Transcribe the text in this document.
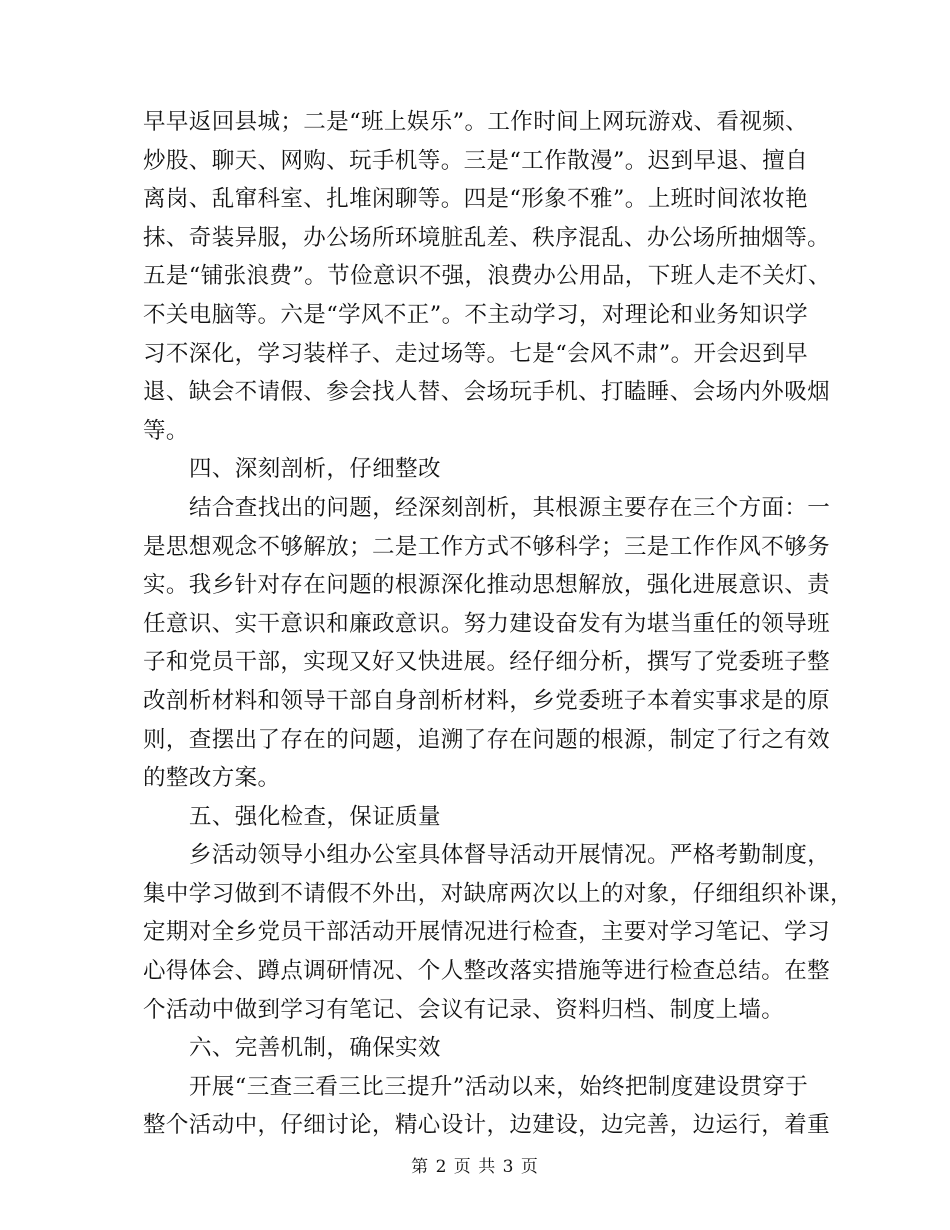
早早返回县城；二是“班上娱乐”。工作时间上网玩游戏、看视频、
炒股、聊天、网购、玩手机等。三是“工作散漫”。迟到早退、擅自
离岗、乱窜科室、扎堆闲聊等。四是“形象不雅”。上班时间浓妆艳
抹、奇装异服，办公场所环境脏乱差、秩序混乱、办公场所抽烟等。
五是“铺张浪费”。节俭意识不强，浪费办公用品，下班人走不关灯、
不关电脑等。六是“学风不正”。不主动学习，对理论和业务知识学
习不深化，学习装样子、走过场等。七是“会风不肃”。开会迟到早
退、缺会不请假、参会找人替、会场玩手机、打瞌睡、会场内外吸烟
等。
四、深刻剖析，仔细整改
结合查找出的问题，经深刻剖析，其根源主要存在三个方面：一
是思想观念不够解放；二是工作方式不够科学；三是工作作风不够务
实。我乡针对存在问题的根源深化推动思想解放，强化进展意识、责
任意识、实干意识和廉政意识。努力建设奋发有为堪当重任的领导班
子和党员干部，实现又好又快进展。经仔细分析，撰写了党委班子整
改剖析材料和领导干部自身剖析材料，乡党委班子本着实事求是的原
则，查摆出了存在的问题，追溯了存在问题的根源，制定了行之有效
的整改方案。
五、强化检查，保证质量
乡活动领导小组办公室具体督导活动开展情况。严格考勤制度，
集中学习做到不请假不外出，对缺席两次以上的对象，仔细组织补课，
定期对全乡党员干部活动开展情况进行检查，主要对学习笔记、学习
心得体会、蹲点调研情况、个人整改落实措施等进行检查总结。在整
个活动中做到学习有笔记、会议有记录、资料归档、制度上墙。
六、完善机制，确保实效
开展“三查三看三比三提升”活动以来，始终把制度建设贯穿于
整个活动中，仔细讨论，精心设计，边建设，边完善，边运行，着重
第 2 页 共 3 页
